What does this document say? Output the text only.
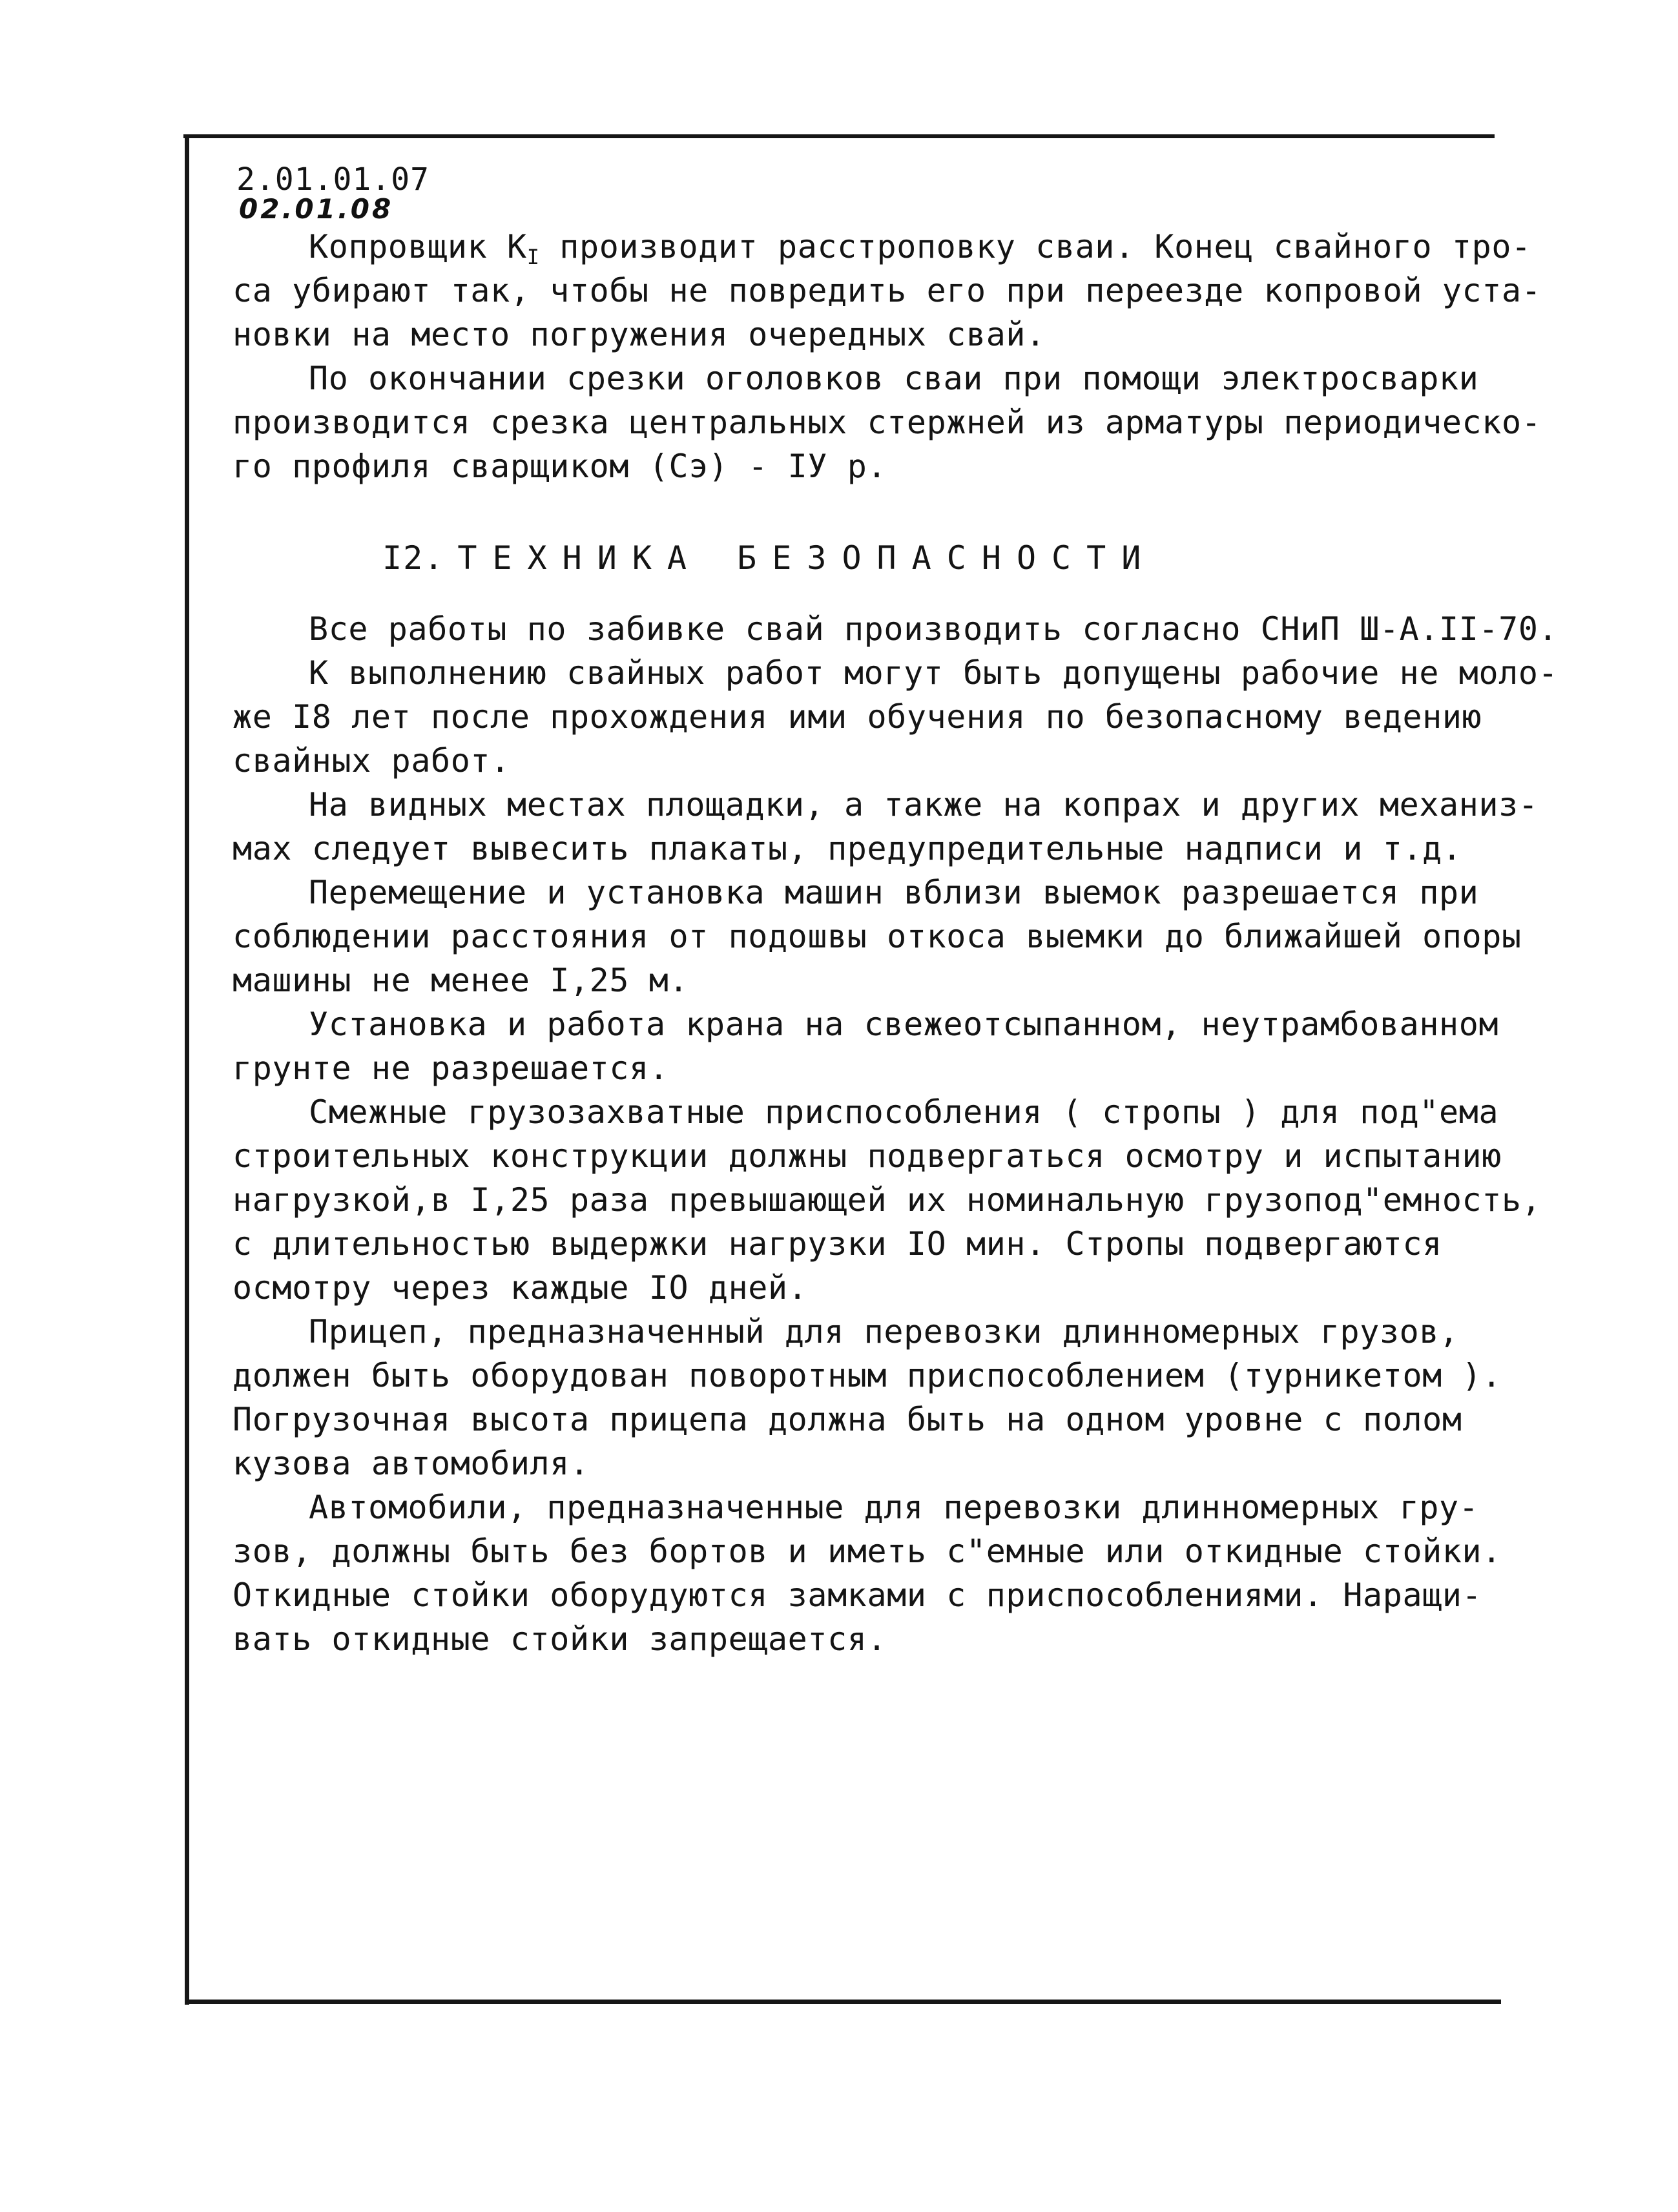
2.01.01.07
02.01.08
Копровщик $К_I$ производит расстроповку сваи. Конец свайного тро-
са убирают так, чтобы не повредить его при переезде копровой уста-
новки на место погружения очередных свай.
По окончании срезки оголовков сваи при помощи электросварки
производится срезка центральных стержней из арматуры периодическо-
го профиля сварщиком (Сэ) - IУ р.
I2. ТЕХНИКА БЕЗОПАСНОСТИ
Все работы по забивке свай производить согласно СНиП Ш-А.II-70.
К выполнению свайных работ могут быть допущены рабочие не моло-
же I8 лет после прохождения ими обучения по безопасному ведению
свайных работ.
На видных местах площадки, а также на копрах и других механиз-
мах следует вывесить плакаты, предупредительные надписи и т.д.
Перемещение и установка машин вблизи выемок разрешается при
соблюдении расстояния от подошвы откоса выемки до ближайшей опоры
машины не менее I,25 м.
Установка и работа крана на свежеотсыпанном, неутрамбованном
грунте не разрешается.
Смежные грузозахватные приспособления ( стропы ) для под"ема
строительных конструкции должны подвергаться осмотру и испытанию
нагрузкой,в I,25 раза превышающей их номинальную грузопод"емность,
с длительностью выдержки нагрузки IO мин. Стропы подвергаются
осмотру через каждые IO дней.
Прицеп, предназначенный для перевозки длинномерных грузов,
должен быть оборудован поворотным приспособлением (турникетом ).
Погрузочная высота прицепа должна быть на одном уровне с полом
кузова автомобиля.
Автомобили, предназначенные для перевозки длинномерных гру-
зов, должны быть без бортов и иметь с"емные или откидные стойки.
Откидные стойки оборудуются замками с приспособлениями. Наращи-
вать откидные стойки запрещается.
